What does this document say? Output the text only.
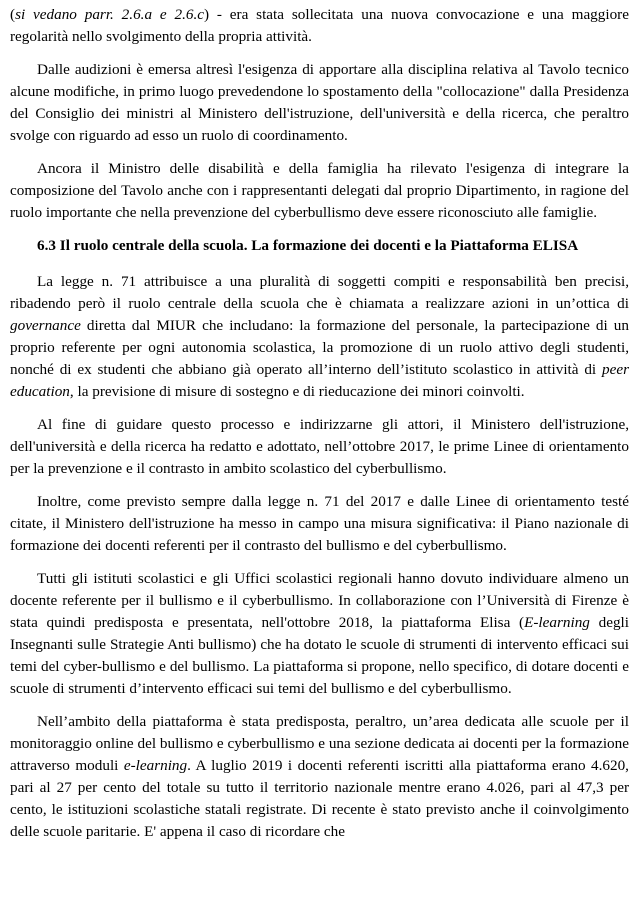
(si vedano parr. 2.6.a e 2.6.c) - era stata sollecitata una nuova convocazione e una maggiore regolarità nello svolgimento della propria attività.

Dalle audizioni è emersa altresì l'esigenza di apportare alla disciplina relativa al Tavolo tecnico alcune modifiche, in primo luogo prevedendone lo spostamento della "collocazione" dalla Presidenza del Consiglio dei ministri al Ministero dell'istruzione, dell'università e della ricerca, che peraltro svolge con riguardo ad esso un ruolo di coordinamento.

Ancora il Ministro delle disabilità e della famiglia ha rilevato l'esigenza di integrare la composizione del Tavolo anche con i rappresentanti delegati dal proprio Dipartimento, in ragione del ruolo importante che nella prevenzione del cyberbullismo deve essere riconosciuto alle famiglie.

6.3 Il ruolo centrale della scuola. La formazione dei docenti e la Piattaforma ELISA

La legge n. 71 attribuisce a una pluralità di soggetti compiti e responsabilità ben precisi, ribadendo però il ruolo centrale della scuola che è chiamata a realizzare azioni in un’ottica di governance diretta dal MIUR che includano: la formazione del personale, la partecipazione di un proprio referente per ogni autonomia scolastica, la promozione di un ruolo attivo degli studenti, nonché di ex studenti che abbiano già operato all’interno dell’istituto scolastico in attività di peer education, la previsione di misure di sostegno e di rieducazione dei minori coinvolti.

Al fine di guidare questo processo e indirizzarne gli attori, il Ministero dell'istruzione, dell'università e della ricerca ha redatto e adottato, nell’ottobre 2017, le prime Linee di orientamento per la prevenzione e il contrasto in ambito scolastico del cyberbullismo.

Inoltre, come previsto sempre dalla legge n. 71 del 2017 e dalle Linee di orientamento testé citate, il Ministero dell'istruzione ha messo in campo una misura significativa: il Piano nazionale di formazione dei docenti referenti per il contrasto del bullismo e del cyberbullismo.

Tutti gli istituti scolastici e gli Uffici scolastici regionali hanno dovuto individuare almeno un docente referente per il bullismo e il cyberbullismo. In collaborazione con l’Università di Firenze è stata quindi predisposta e presentata, nell'ottobre 2018, la piattaforma Elisa (E-learning degli Insegnanti sulle Strategie Anti bullismo) che ha dotato le scuole di strumenti di intervento efficaci sui temi del cyber-bullismo e del bullismo. La piattaforma si propone, nello specifico, di dotare docenti e scuole di strumenti d’intervento efficaci sui temi del bullismo e del cyberbullismo.

Nell’ambito della piattaforma è stata predisposta, peraltro, un’area dedicata alle scuole per il monitoraggio online del bullismo e cyberbullismo e una sezione dedicata ai docenti per la formazione attraverso moduli e-learning. A luglio 2019 i docenti referenti iscritti alla piattaforma erano 4.620, pari al 27 per cento del totale su tutto il territorio nazionale mentre erano 4.026, pari al 47,3 per cento, le istituzioni scolastiche statali registrate. Di recente è stato previsto anche il coinvolgimento delle scuole paritarie. E' appena il caso di ricordare che
